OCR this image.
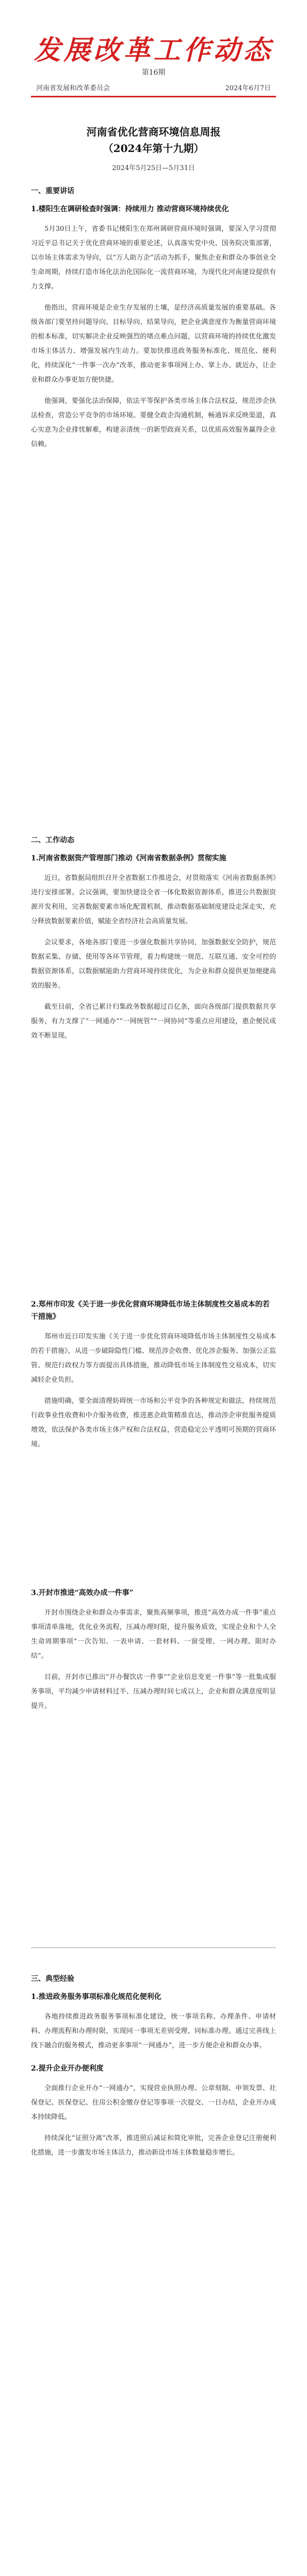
发展改革工作动态
第16期
河南省发展和改革委员会	2024年6月7日
河南省优化营商环境信息周报
（2024年第十九期）
2024年5月25日—5月31日
一、重要讲话
1.楼阳生在调研检查时强调：持续用力 推动营商环境持续优化

5月30日上午，省委书记楼阳生在郑州调研营商环境时强调，要深入学习贯彻习近平总书记关于优化营商环境的重要论述，认真落实党中央、国务院决策部署，以市场主体需求为导向，以“万人助万企”活动为抓手，聚焦企业和群众办事创业全生命周期，持续打造市场化法治化国际化一流营商环境，为现代化河南建设提供有力支撑。

他指出，营商环境是企业生存发展的土壤，是经济高质量发展的重要基础。各级各部门要坚持问题导向、目标导向、结果导向，把企业满意度作为衡量营商环境的根本标准，切实解决企业反映强烈的堵点难点问题，以营商环境的持续优化激发市场主体活力、增强发展内生动力。要加快推进政务服务标准化、规范化、便利化，持续深化“一件事一次办”改革，推动更多事项网上办、掌上办、就近办，让企业和群众办事更加方便快捷。

他强调，要强化法治保障，依法平等保护各类市场主体合法权益，规范涉企执法检查，营造公平竞争的市场环境。要健全政企沟通机制，畅通诉求反映渠道，真心实意为企业排忧解难，构建亲清统一的新型政商关系，以优质高效服务赢得企业信赖。

二、工作动态
1.河南省数据资产管理部门推动《河南省数据条例》贯彻实施

近日，省数据局组织召开全省数据工作推进会，对贯彻落实《河南省数据条例》进行安排部署。会议强调，要加快建设全省一体化数据资源体系，推进公共数据资源开发利用，完善数据要素市场化配置机制，推动数据基础制度建设走深走实，充分释放数据要素价值，赋能全省经济社会高质量发展。

会议要求，各地各部门要进一步强化数据共享协同，加强数据安全防护，规范数据采集、存储、使用等各环节管理，着力构建统一规范、互联互通、安全可控的数据资源体系，以数据赋能助力营商环境持续优化，为企业和群众提供更加便捷高效的服务。

截至目前，全省已累计归集政务数据超过百亿条，面向各级部门提供数据共享服务，有力支撑了“一网通办”“一网统管”“一网协同”等重点应用建设，惠企便民成效不断显现。

2.郑州市印发《关于进一步优化营商环境降低市场主体制度性交易成本的若干措施》

郑州市近日印发实施《关于进一步优化营商环境降低市场主体制度性交易成本的若干措施》，从进一步破除隐性门槛、规范涉企收费、优化涉企服务、加强公正监管、规范行政权力等方面提出具体措施，推动降低市场主体制度性交易成本，切实减轻企业负担。

措施明确，要全面清理妨碍统一市场和公平竞争的各种规定和做法，持续规范行政事业性收费和中介服务收费，推进惠企政策精准直达，推动涉企审批服务提质增效，依法保护各类市场主体产权和合法权益，营造稳定公平透明可预期的营商环境。

3.开封市推进“高效办成一件事”

开封市围绕企业和群众办事需求，聚焦高频事项，推进“高效办成一件事”重点事项清单落地，优化业务流程，压减办理时限，提升服务质效，实现企业和个人全生命周期事项“一次告知、一表申请、一套材料、一窗受理、一网办理、限时办结”。

目前，开封市已推出“开办餐饮店一件事”“企业信息变更一件事”等一批集成服务事项，平均减少申请材料过半、压减办理时间七成以上，企业和群众满意度明显提升。

三、典型经验
1.推进政务服务事项标准化规范化便利化

各地持续推进政务服务事项标准化建设，统一事项名称、办理条件、申请材料、办理流程和办理时限，实现同一事项无差别受理、同标准办理。通过完善线上线下融合的服务模式，推动更多事项“一网通办”，进一步方便企业和群众办事。

2.提升企业开办便利度

全面推行企业开办“一网通办”，实现营业执照办理、公章刻制、申领发票、社保登记、医保登记、住房公积金缴存登记等事项一次提交、一日办结，企业开办成本持续降低。

持续深化“证照分离”改革，推进照后减证和简化审批，完善企业登记注册便利化措施，进一步激发市场主体活力，推动新设市场主体数量稳步增长。
